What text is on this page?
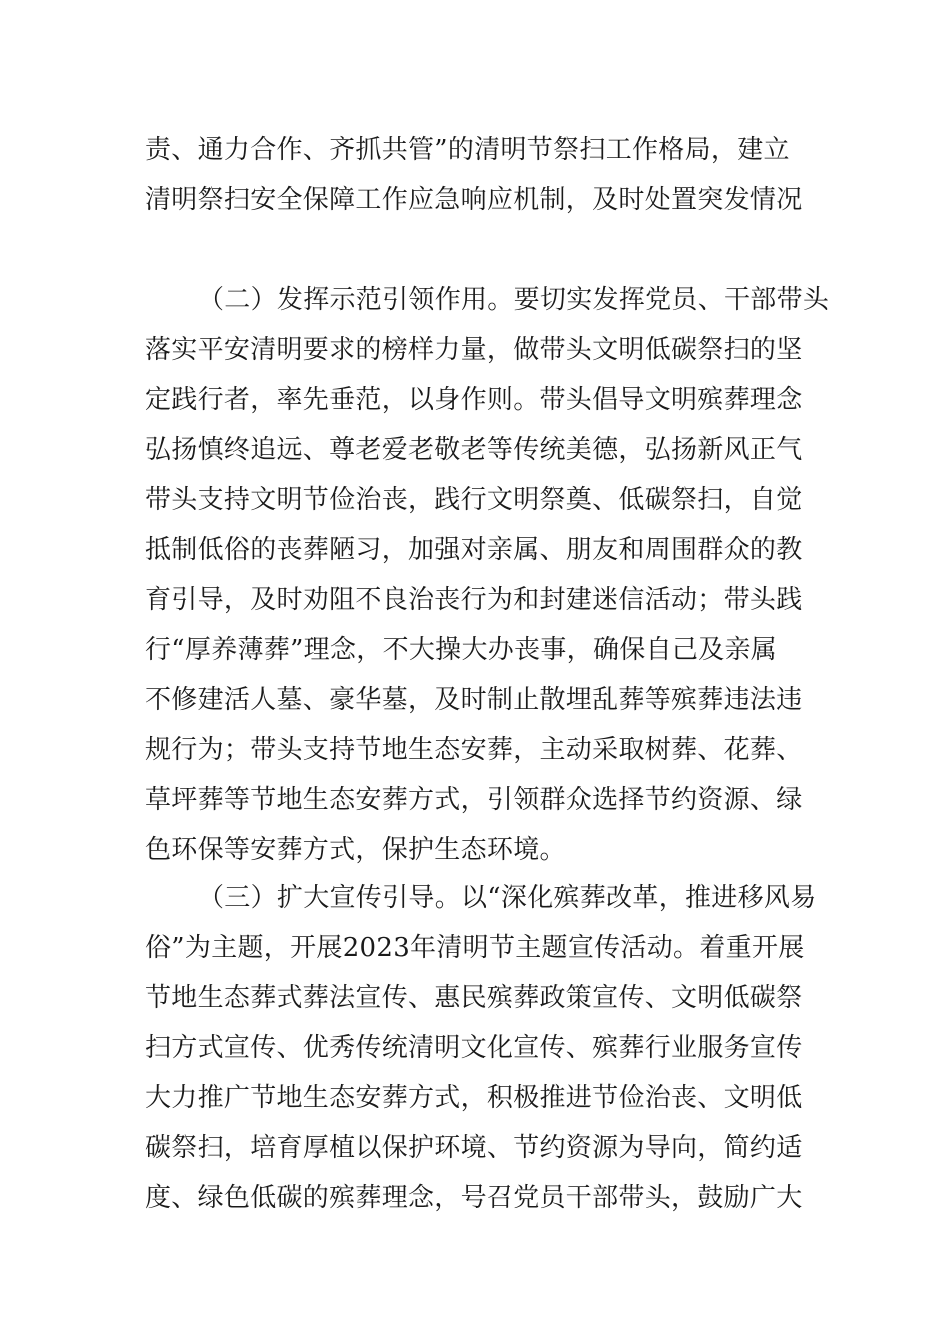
责、通力合作、齐抓共管”的清明节祭扫工作格局，建立
清明祭扫安全保障工作应急响应机制，及时处置突发情况
（二）发挥示范引领作用。要切实发挥党员、干部带头
落实平安清明要求的榜样力量，做带头文明低碳祭扫的坚
定践行者，率先垂范，以身作则。带头倡导文明殡葬理念
弘扬慎终追远、尊老爱老敬老等传统美德，弘扬新风正气
带头支持文明节俭治丧，践行文明祭奠、低碳祭扫，自觉
抵制低俗的丧葬陋习，加强对亲属、朋友和周围群众的教
育引导，及时劝阻不良治丧行为和封建迷信活动；带头践
行“厚养薄葬”理念，不大操大办丧事，确保自己及亲属
不修建活人墓、豪华墓，及时制止散埋乱葬等殡葬违法违
规行为；带头支持节地生态安葬，主动采取树葬、花葬、
草坪葬等节地生态安葬方式，引领群众选择节约资源、绿
色环保等安葬方式，保护生态环境。
（三）扩大宣传引导。以“深化殡葬改革，推进移风易
俗”为主题，开展2023年清明节主题宣传活动。着重开展
节地生态葬式葬法宣传、惠民殡葬政策宣传、文明低碳祭
扫方式宣传、优秀传统清明文化宣传、殡葬行业服务宣传
大力推广节地生态安葬方式，积极推进节俭治丧、文明低
碳祭扫，培育厚植以保护环境、节约资源为导向，简约适
度、绿色低碳的殡葬理念，号召党员干部带头，鼓励广大
